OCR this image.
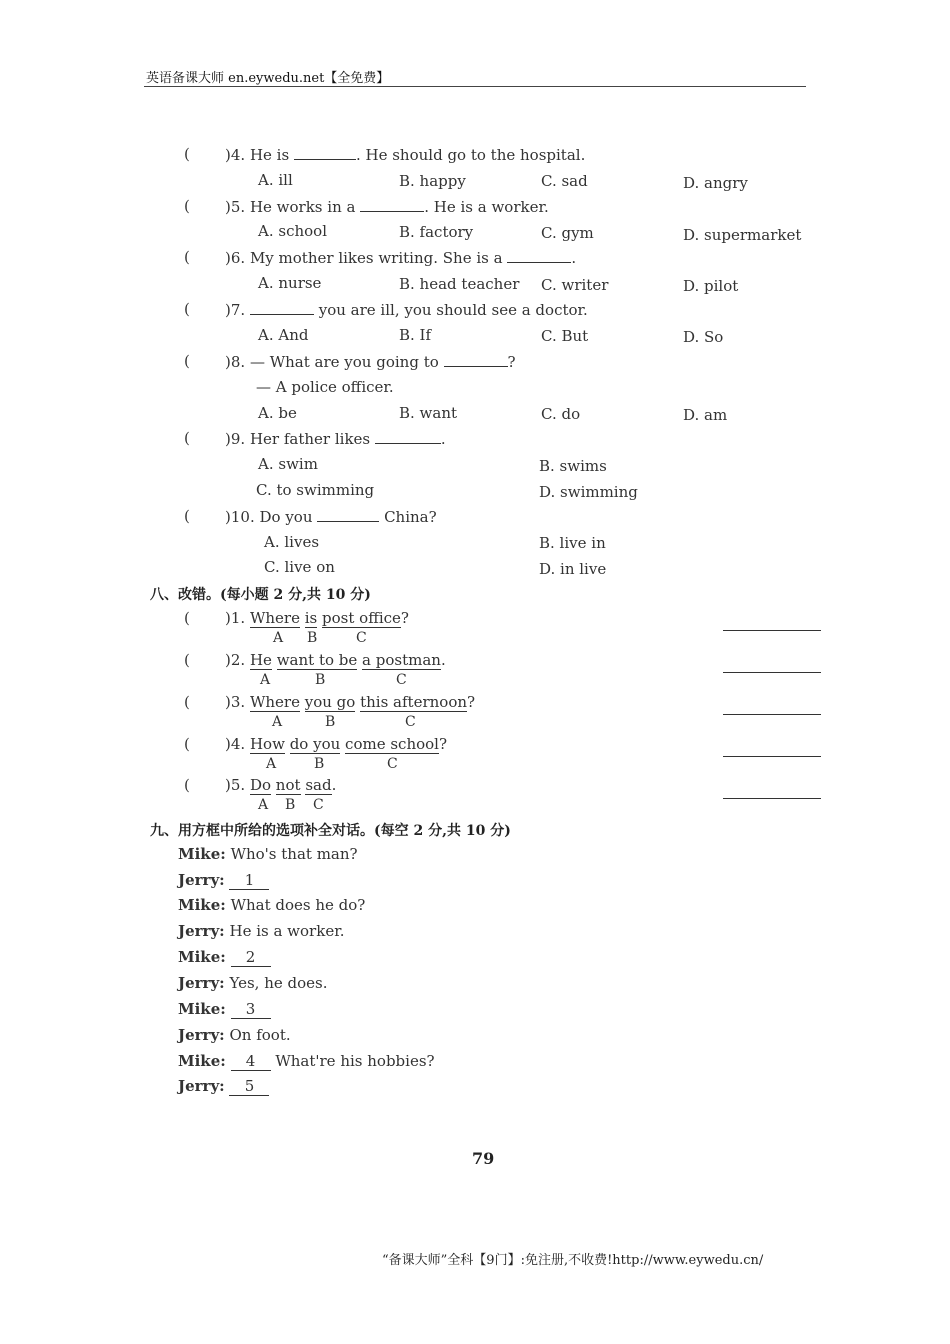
英语备课大师 en.eywedu.net【全免费】
( )4. He is	. He should go to the hospital.
A. ill	B. happy	C. sad	D. angry
( )5. He works in a	. He is a worker.
A. school	B. factory	C. gym	D. supermarket
( )6. My mother likes writing. She is a	.
A. nurse	B. head teacher C. writer	D. pilot
( )7.	you are ill, you should see a doctor.
A. And	B. If	C. But	D. So
( )8. — What are you going to	?
— A police officer.
A. be	B. want	C. do	D. am
( )9. Her father likes	.
A. swim	B. swims
C. to swimming	D. swimming
( )10. Do you	China?
A. lives	B. live in
C. live on	D. in live
八、改错。(每小题 2 分,共 10 分)
( )1. Where is post office?
A B	C
( )2. He want to be a postman.
A	B	C
( )3. Where you go this afternoon?
A	B	C
( )4. How do you come school?
A	B	C
( )5. Do not sad.
A B C
九、用方框中所给的选项补全对话。(每空 2 分,共 10 分)
Mike: Who's that man?
Jerry: 1
Mike: What does he do?
Jerry: He is a worker.
Mike: 2
Jerry: Yes, he does.
Mike: 3
Jerry: On foot.
Mike: 4 What're his hobbies?
Jerry: 5
79
“备课大师”全科【9门】:免注册,不收费!http://www.eywedu.cn/
